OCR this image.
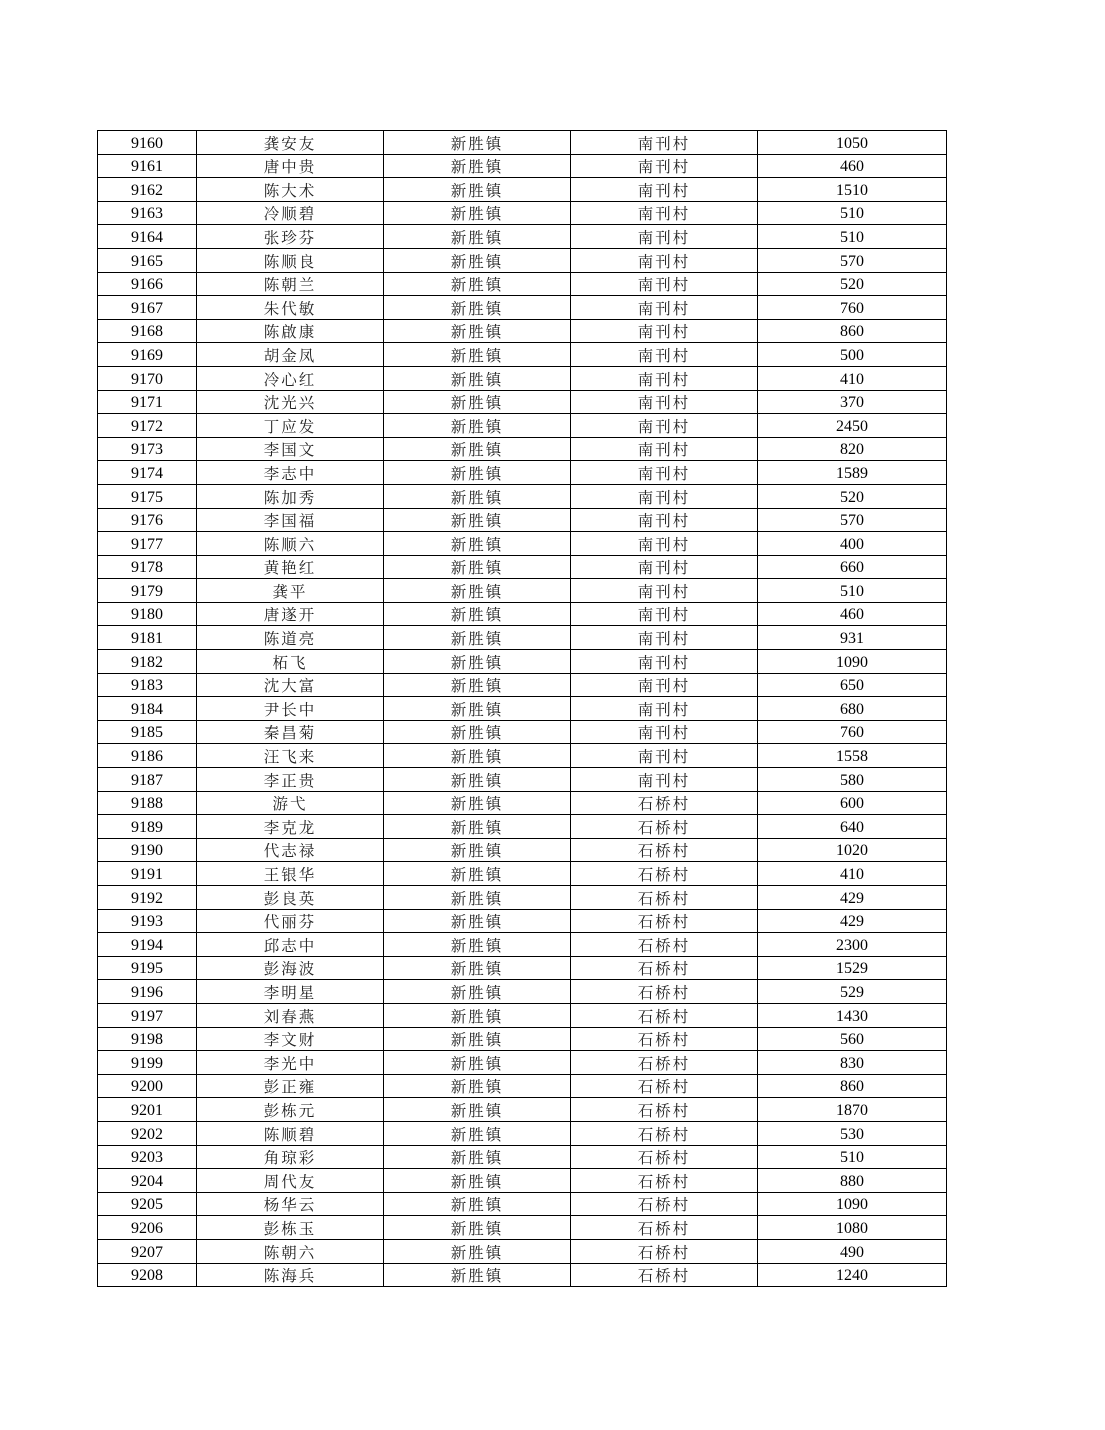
9160	龚安友	新胜镇	南刊村	1050
9161	唐中贵	新胜镇	南刊村	460
9162	陈大术	新胜镇	南刊村	1510
9163	冷顺碧	新胜镇	南刊村	510
9164	张珍芬	新胜镇	南刊村	510
9165	陈顺良	新胜镇	南刊村	570
9166	陈朝兰	新胜镇	南刊村	520
9167	朱代敏	新胜镇	南刊村	760
9168	陈啟康	新胜镇	南刊村	860
9169	胡金凤	新胜镇	南刊村	500
9170	冷心红	新胜镇	南刊村	410
9171	沈光兴	新胜镇	南刊村	370
9172	丁应发	新胜镇	南刊村	2450
9173	李国文	新胜镇	南刊村	820
9174	李志中	新胜镇	南刊村	1589
9175	陈加秀	新胜镇	南刊村	520
9176	李国福	新胜镇	南刊村	570
9177	陈顺六	新胜镇	南刊村	400
9178	黄艳红	新胜镇	南刊村	660
9179	龚平	新胜镇	南刊村	510
9180	唐遂开	新胜镇	南刊村	460
9181	陈道亮	新胜镇	南刊村	931
9182	柘飞	新胜镇	南刊村	1090
9183	沈大富	新胜镇	南刊村	650
9184	尹长中	新胜镇	南刊村	680
9185	秦昌菊	新胜镇	南刊村	760
9186	汪飞来	新胜镇	南刊村	1558
9187	李正贵	新胜镇	南刊村	580
9188	游弋	新胜镇	石桥村	600
9189	李克龙	新胜镇	石桥村	640
9190	代志禄	新胜镇	石桥村	1020
9191	王银华	新胜镇	石桥村	410
9192	彭良英	新胜镇	石桥村	429
9193	代丽芬	新胜镇	石桥村	429
9194	邱志中	新胜镇	石桥村	2300
9195	彭海波	新胜镇	石桥村	1529
9196	李明星	新胜镇	石桥村	529
9197	刘春燕	新胜镇	石桥村	1430
9198	李文财	新胜镇	石桥村	560
9199	李光中	新胜镇	石桥村	830
9200	彭正雍	新胜镇	石桥村	860
9201	彭栋元	新胜镇	石桥村	1870
9202	陈顺碧	新胜镇	石桥村	530
9203	角琼彩	新胜镇	石桥村	510
9204	周代友	新胜镇	石桥村	880
9205	杨华云	新胜镇	石桥村	1090
9206	彭栋玉	新胜镇	石桥村	1080
9207	陈朝六	新胜镇	石桥村	490
9208	陈海兵	新胜镇	石桥村	1240
